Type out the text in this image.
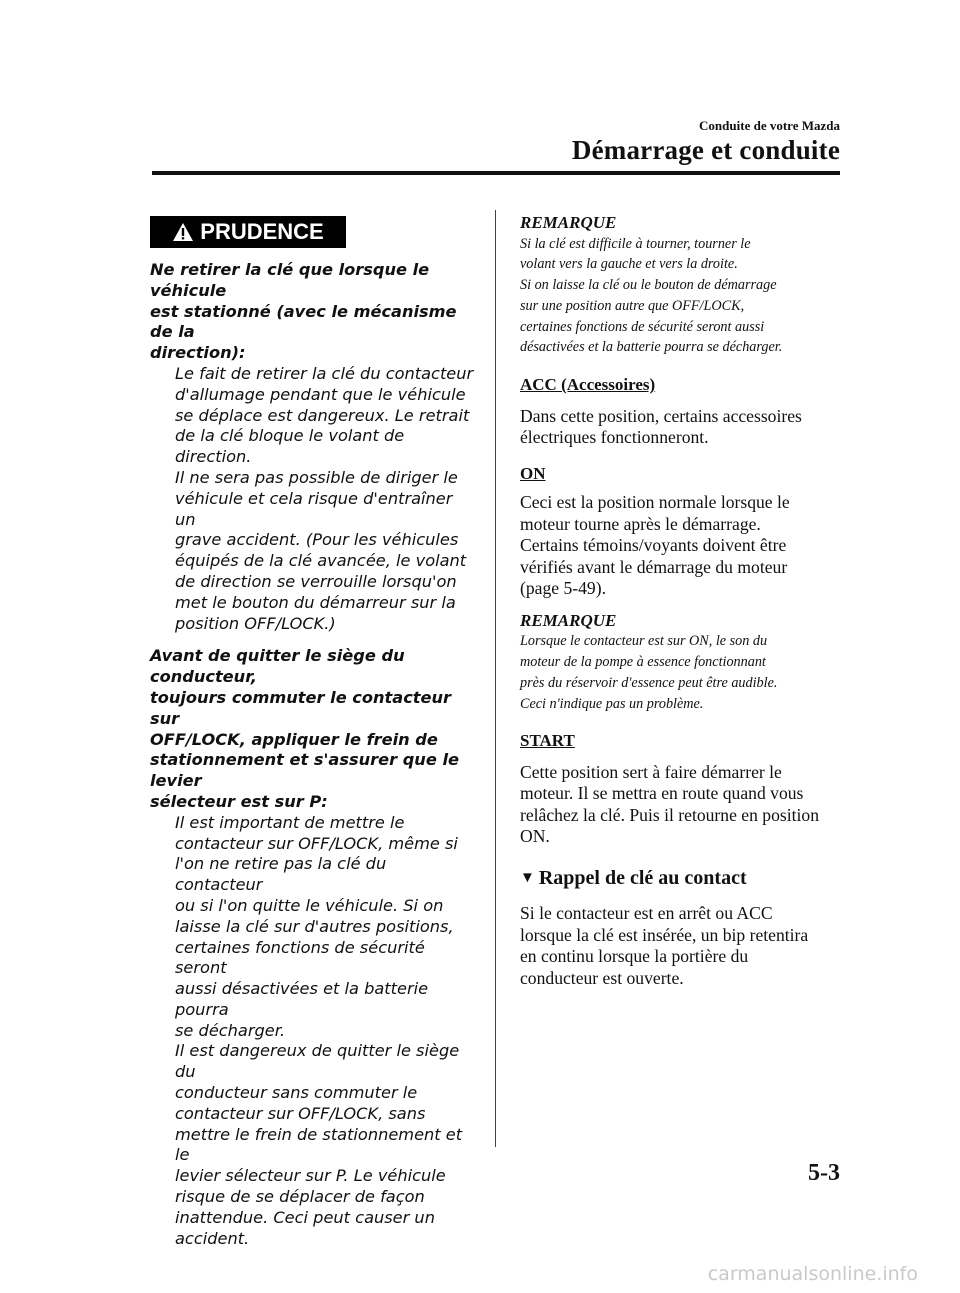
Conduite de votre Mazda
Démarrage et conduite
PRUDENCE

Ne retirer la clé que lorsque le véhicule

est stationné (avec le mécanisme de la

direction):

Le fait de retirer la clé du contacteur

d'allumage pendant que le véhicule

se déplace est dangereux. Le retrait

de la clé bloque le volant de direction.

Il ne sera pas possible de diriger le

véhicule et cela risque d'entraîner un

grave accident. (Pour les véhicules

équipés de la clé avancée, le volant

de direction se verrouille lorsqu'on

met le bouton du démarreur sur la

position OFF/LOCK.)

Avant de quitter le siège du conducteur,

toujours commuter le contacteur sur

OFF/LOCK, appliquer le frein de

stationnement et s'assurer que le levier

sélecteur est sur P:

Il est important de mettre le

contacteur sur OFF/LOCK, même si

l'on ne retire pas la clé du contacteur

ou si l'on quitte le véhicule. Si on

laisse la clé sur d'autres positions,

certaines fonctions de sécurité seront

aussi désactivées et la batterie pourra

se décharger.

Il est dangereux de quitter le siège du

conducteur sans commuter le

contacteur sur OFF/LOCK, sans

mettre le frein de stationnement et le

levier sélecteur sur P. Le véhicule

risque de se déplacer de façon

inattendue. Ceci peut causer un

accident.

REMARQUE

Si la clé est difficile à tourner, tourner le

volant vers la gauche et vers la droite.

Si on laisse la clé ou le bouton de démarrage

sur une position autre que OFF/LOCK,

certaines fonctions de sécurité seront aussi

désactivées et la batterie pourra se décharger.

ACC (Accessoires)

Dans cette position, certains accessoires

électriques fonctionneront.

ON

Ceci est la position normale lorsque le

moteur tourne après le démarrage.

Certains témoins/voyants doivent être

vérifiés avant le démarrage du moteur

(page 5-49).

REMARQUE

Lorsque le contacteur est sur ON, le son du

moteur de la pompe à essence fonctionnant

près du réservoir d'essence peut être audible.

Ceci n'indique pas un problème.

START

Cette position sert à faire démarrer le

moteur. Il se mettra en route quand vous

relâchez la clé. Puis il retourne en position

ON.

▼ Rappel de clé au contact

Si le contacteur est en arrêt ou ACC

lorsque la clé est insérée, un bip retentira

en continu lorsque la portière du

conducteur est ouverte.

5-3
carmanualsonline.info
